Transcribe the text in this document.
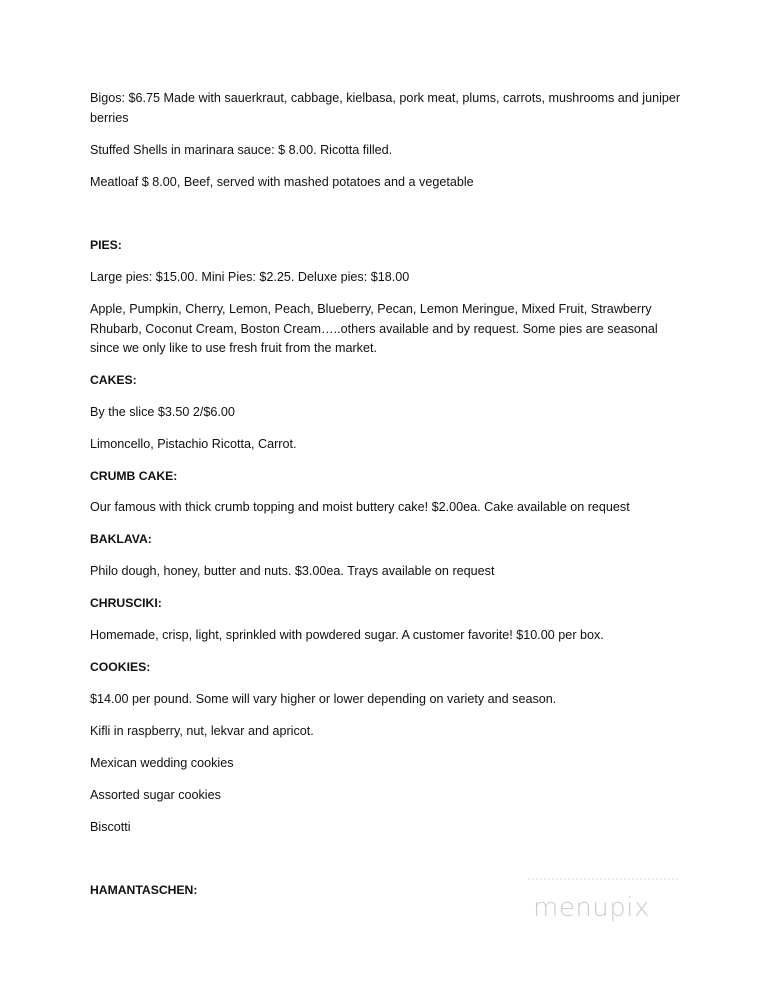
Bigos: $6.75 Made with sauerkraut, cabbage, kielbasa, pork meat, plums, carrots, mushrooms and juniper berries
Stuffed Shells in marinara sauce: $ 8.00. Ricotta filled.
Meatloaf $ 8.00, Beef, served with mashed potatoes and a vegetable
PIES:
Large pies: $15.00. Mini Pies: $2.25. Deluxe pies: $18.00
Apple, Pumpkin, Cherry, Lemon, Peach, Blueberry, Pecan, Lemon Meringue, Mixed Fruit, Strawberry Rhubarb, Coconut Cream, Boston Cream…..others available and by request. Some pies are seasonal since we only like to use fresh fruit from the market.
CAKES:
By the slice $3.50 2/$6.00
Limoncello, Pistachio Ricotta, Carrot.
CRUMB CAKE:
Our famous with thick crumb topping and moist buttery cake! $2.00ea. Cake available on request
BAKLAVA:
Philo dough, honey, butter and nuts. $3.00ea. Trays available on request
CHRUSCIKI:
Homemade, crisp, light, sprinkled with powdered sugar. A customer favorite! $10.00 per box.
COOKIES:
$14.00 per pound. Some will vary higher or lower depending on variety and season.
Kifli in raspberry, nut, lekvar and apricot.
Mexican wedding cookies
Assorted sugar cookies
Biscotti
HAMANTASCHEN:
menupix
